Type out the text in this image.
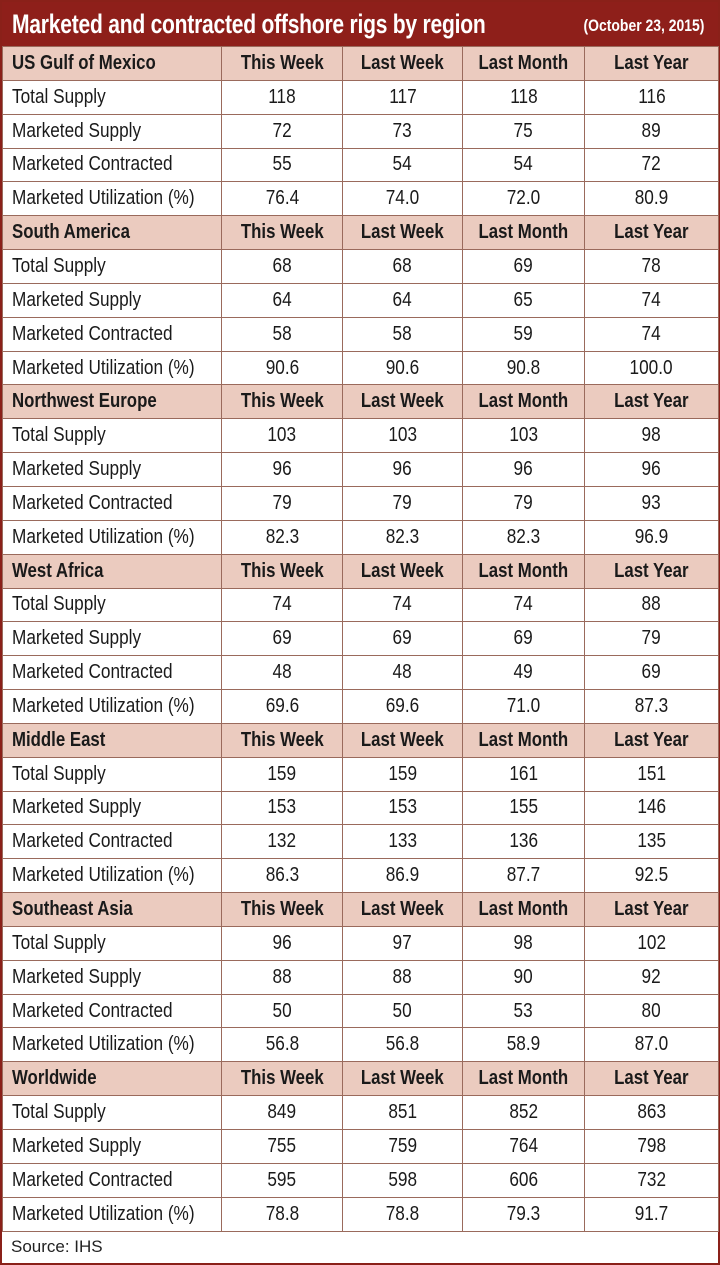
Marketed and contracted offshore rigs by region	(October 23, 2015)
US Gulf of Mexico	This Week	Last Week	Last Month	Last Year
Total Supply	118	117	118	116
Marketed Supply	72	73	75	89
Marketed Contracted	55	54	54	72
Marketed Utilization (%)	76.4	74.0	72.0	80.9
South America	This Week	Last Week	Last Month	Last Year
Total Supply	68	68	69	78
Marketed Supply	64	64	65	74
Marketed Contracted	58	58	59	74
Marketed Utilization (%)	90.6	90.6	90.8	100.0
Northwest Europe	This Week	Last Week	Last Month	Last Year
Total Supply	103	103	103	98
Marketed Supply	96	96	96	96
Marketed Contracted	79	79	79	93
Marketed Utilization (%)	82.3	82.3	82.3	96.9
West Africa	This Week	Last Week	Last Month	Last Year
Total Supply	74	74	74	88
Marketed Supply	69	69	69	79
Marketed Contracted	48	48	49	69
Marketed Utilization (%)	69.6	69.6	71.0	87.3
Middle East	This Week	Last Week	Last Month	Last Year
Total Supply	159	159	161	151
Marketed Supply	153	153	155	146
Marketed Contracted	132	133	136	135
Marketed Utilization (%)	86.3	86.9	87.7	92.5
Southeast Asia	This Week	Last Week	Last Month	Last Year
Total Supply	96	97	98	102
Marketed Supply	88	88	90	92
Marketed Contracted	50	50	53	80
Marketed Utilization (%)	56.8	56.8	58.9	87.0
Worldwide	This Week	Last Week	Last Month	Last Year
Total Supply	849	851	852	863
Marketed Supply	755	759	764	798
Marketed Contracted	595	598	606	732
Marketed Utilization (%)	78.8	78.8	79.3	91.7
Source: IHS
